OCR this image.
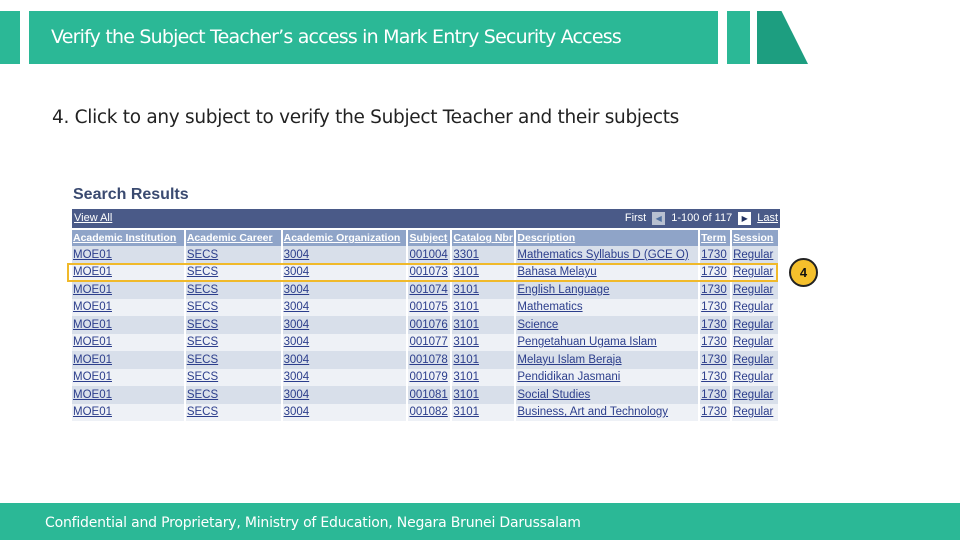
Verify the Subject Teacher’s access in Mark Entry Security Access
4. Click to any subject to verify the Subject Teacher and their subjects
Search Results
View All	First	◀ 1-100 of 117	▶ Last
Academic Institution	Academic Career	Academic Organization	Subject	Catalog Nbr	Description	Term	Session
MOE01	SECS	3004	001004	3301	Mathematics Syllabus D (GCE O)	1730	Regular
MOE01	SECS	3004	001073	3101	Bahasa Melayu	1730	Regular
MOE01	SECS	3004	001074	3101	English Language	1730	Regular
MOE01	SECS	3004	001075	3101	Mathematics	1730	Regular
MOE01	SECS	3004	001076	3101	Science	1730	Regular
MOE01	SECS	3004	001077	3101	Pengetahuan Ugama Islam	1730	Regular
MOE01	SECS	3004	001078	3101	Melayu Islam Beraja	1730	Regular
MOE01	SECS	3004	001079	3101	Pendidikan Jasmani	1730	Regular
MOE01	SECS	3004	001081	3101	Social Studies	1730	Regular
MOE01	SECS	3004	001082	3101	Business, Art and Technology	1730	Regular
4
Confidential and Proprietary, Ministry of Education, Negara Brunei Darussalam
